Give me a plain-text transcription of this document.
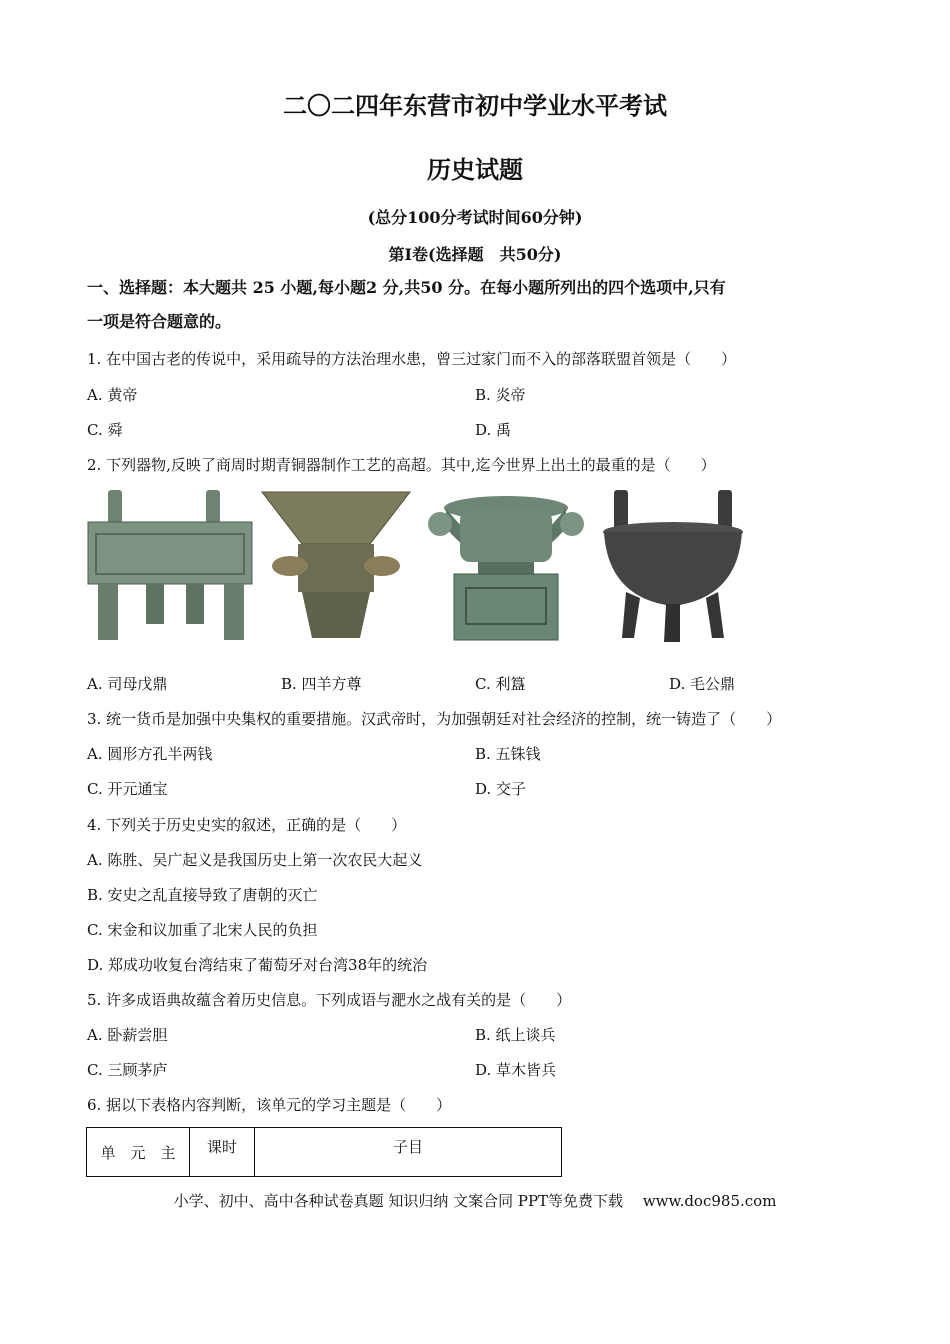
二〇二四年东营市初中学业水平考试
历史试题
(总分100分考试时间60分钟)
第Ⅰ卷(选择题　共50分)
一、选择题：本大题共 25 小题,每小题2 分,共50 分。在每小题所列出的四个选项中,只有
一项是符合题意的。
1. 在中国古老的传说中，采用疏导的方法治理水患，曾三过家门而不入的部落联盟首领是（　　）
A. 黄帝	B. 炎帝
C. 舜	D. 禹
2. 下列器物,反映了商周时期青铜器制作工艺的高超。其中,迄今世界上出土的最重的是（　　）
A. 司母戊鼎	B. 四羊方尊	C. 利簋	D. 毛公鼎
3. 统一货币是加强中央集权的重要措施。汉武帝时，为加强朝廷对社会经济的控制，统一铸造了（　　）
A. 圆形方孔半两钱	B. 五铢钱
C. 开元通宝	D. 交子
4. 下列关于历史史实的叙述，正确的是（　　）
A. 陈胜、吴广起义是我国历史上第一次农民大起义
B. 安史之乱直接导致了唐朝的灭亡
C. 宋金和议加重了北宋人民的负担
D. 郑成功收复台湾结束了葡萄牙对台湾38年的统治
5. 许多成语典故蕴含着历史信息。下列成语与淝水之战有关的是（　　）
A. 卧薪尝胆	B. 纸上谈兵
C. 三顾茅庐	D. 草木皆兵
6. 据以下表格内容判断，该单元的学习主题是（　　）
单　元　主	课时	子目
小学、初中、高中各种试卷真题 知识归纳 文案合同 PPT等免费下载　 www.doc985.com
